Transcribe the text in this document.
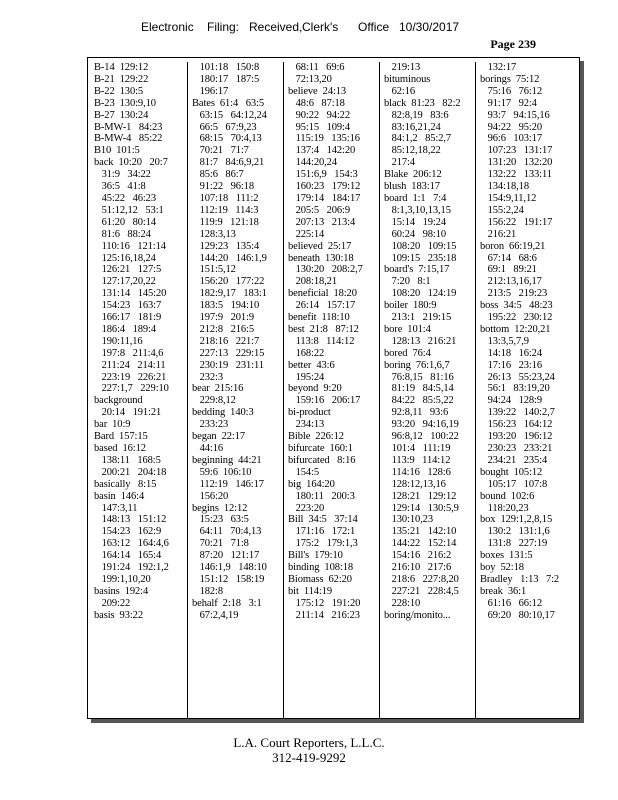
Electronic Filing: Received, Clerk's Office 10/30/2017
Page 239
B-14  129:12
B-21  129:22
B-22  130:5
B-23  130:9,10
B-27  130:24
B-MW-1   84:23
B-MW-4   85:22
B10  101:5
back  10:20   20:7
31:9   34:22
36:5   41:8
45:22   46:23
51:12,12   53:1
61:20   80:14
81:6   88:24
110:16   121:14
125:16,18,24
126:21   127:5
127:17,20,22
131:14   145:20
154:23   163:7
166:17   181:9
186:4   189:4
190:11,16
197:8   211:4,6
211:24   214:11
223:19   226:21
227:1,7   229:10
background
20:14   191:21
bar  10:9
Bard  157:15
based  16:12
138:11   168:5
200:21   204:18
basically   8:15
basin  146:4
147:3,11
148:13   151:12
154:23   162:9
163:12   164:4,6
164:14   165:4
191:24   192:1,2
199:1,10,20
basins  192:4
209:22
basis  93:22
101:18   150:8
180:17   187:5
196:17
Bates  61:4   63:5
63:15   64:12,24
66:5   67:9,23
68:15   70:4,13
70:21   71:7
81:7   84:6,9,21
85:6   86:7
91:22   96:18
107:18   111:2
112:19   114:3
119:9   121:18
128:3,13
129:23   135:4
144:20   146:1,9
151:5,12
156:20   177:22
182:9,17   183:1
183:5   194:10
197:9   201:9
212:8   216:5
218:16   221:7
227:13   229:15
230:19   231:11
232:3
bear  215:16
229:8,12
bedding  140:3
233:23
began  22:17
44:16
beginning  44:21
59:6  106:10
112:19   146:17
156:20
begins  12:12
15:23   63:5
64:11   70:4,13
70:21   71:8
87:20   121:17
146:1,9   148:10
151:12   158:19
182:8
behalf  2:18   3:1
67:2,4,19
68:11   69:6
72:13,20
believe  24:13
48:6   87:18
90:22   94:22
95:15   109:4
115:19   135:16
137:4   142:20
144:20,24
151:6,9   154:3
160:23   179:12
179:14   184:17
205:5   206:9
207:13   213:4
225:14
believed  25:17
beneath  130:18
130:20   208:2,7
208:18,21
beneficial  18:20
26:14   157:17
benefit  118:10
best  21:8   87:12
113:8   114:12
168:22
better  43:6
195:24
beyond  9:20
159:16   206:17
bi-product
234:13
Bible  226:12
bifurcate  160:1
bifurcated   8:16
154:5
big  164:20
180:11   200:3
223:20
Bill  34:5   37:14
171:16   172:1
175:2   179:1,3
Bill's  179:10
binding  108:18
Biomass  62:20
bit  114:19
175:12   191:20
211:14   216:23
219:13
bituminous
62:16
black  81:23   82:2
82:8,19   83:6
83:16,21,24
84:1,2   85:2,7
85:12,18,22
217:4
Blake  206:12
blush  183:17
board  1:1   7:4
8:1,3,10,13,15
15:14   19:24
60:24   98:10
108:20   109:15
109:15   235:18
board's  7:15,17
7:20   8:1
108:20   124:19
boiler  180:9
213:1   219:15
bore  101:4
128:13   216:21
bored  76:4
boring  76:1,6,7
76:8,15   81:16
81:19   84:5,14
84:22   85:5,22
92:8,11   93:6
93:20   94:16,19
96:8,12   100:22
101:4   111:19
113:9   114:12
114:16   128:6
128:12,13,16
128:21   129:12
129:14   130:5,9
130:10,23
135:21   142:10
144:22   152:14
154:16   216:2
216:10   217:6
218:6   227:8,20
227:21   228:4,5
228:10
boring/monito...
132:17
borings  75:12
75:16   76:12
91:17   92:4
93:7   94:15,16
94:22   95:20
96:6   103:17
107:23   131:17
131:20   132:20
132:22   133:11
134:18,18
154:9,11,12
155:2,24
156:22   191:17
216:21
boron  66:19,21
67:14   68:6
69:1   89:21
212:13,16,17
213:5   219:23
boss  34:5   48:23
195:22   230:12
bottom  12:20,21
13:3,5,7,9
14:18   16:24
17:16   23:16
26:13   55:23,24
56:1   83:19,20
94:24   128:9
139:22   140:2,7
156:23   164:12
193:20   196:12
230:23   233:21
234:21   235:4
bought  105:12
105:17   107:8
bound  102:6
118:20,23
box  129:1,2,8,15
130:2   131:1,6
131:8   227:19
boxes  131:5
boy  52:18
Bradley   1:13   7:2
break  36:1
61:16   66:12
69:20   80:10,17
L.A. Court Reporters, L.L.C.
312-419-9292
